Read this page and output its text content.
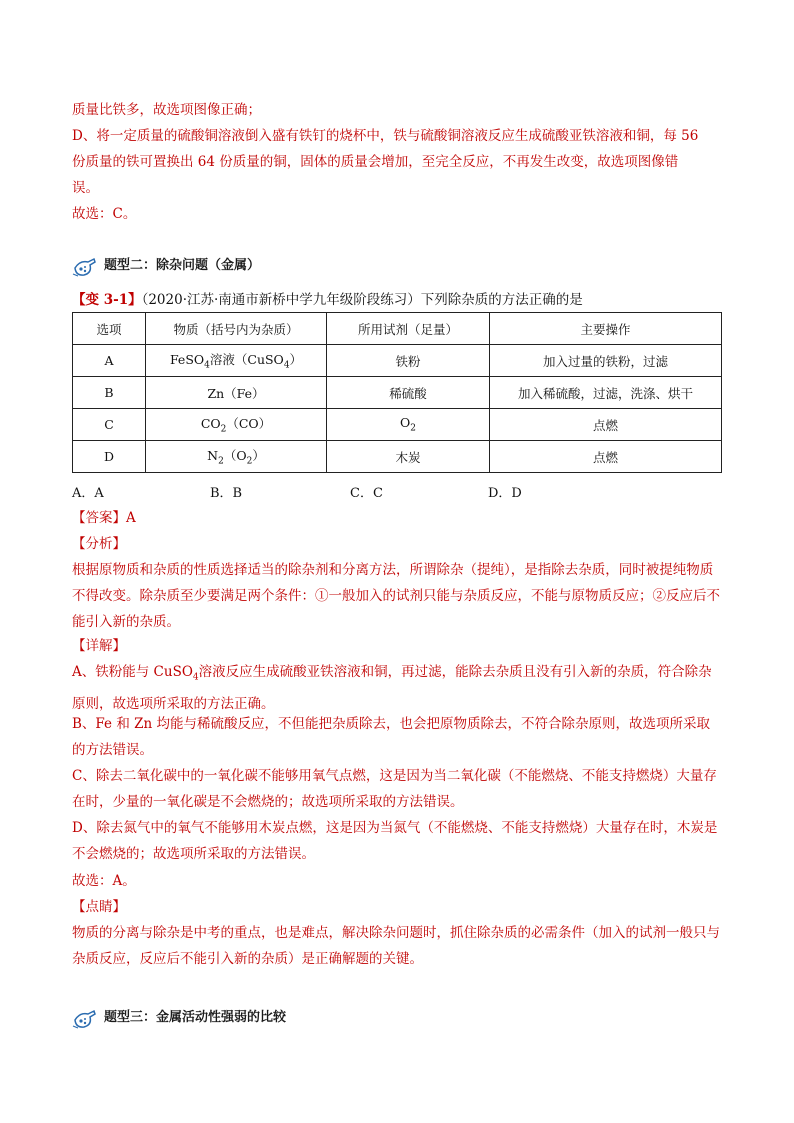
质量比铁多，故选项图像正确；
D、将一定质量的硫酸铜溶液倒入盛有铁钉的烧杯中，铁与硫酸铜溶液反应生成硫酸亚铁溶液和铜，每 56
份质量的铁可置换出 64 份质量的铜，固体的质量会增加，至完全反应，不再发生改变，故选项图像错
误。
故选：C。
题型二：除杂问题（金属）
【变 3-1】（2020·江苏·南通市新桥中学九年级阶段练习）下列除杂质的方法正确的是
选项	物质（括号内为杂质）	所用试剂（足量）	主要操作
A	FeSO$_4$溶液（CuSO$_4$）	铁粉	加入过量的铁粉，过滤
B	Zn（Fe）	稀硫酸	加入稀硫酸，过滤，洗涤、烘干
C	$CO_2(CO)$	$O_2$	点燃
D	$N_2(O_2)$	木炭	点燃
A．A	B．B	C．C	D．D
【答案】A
【分析】
根据原物质和杂质的性质选择适当的除杂剂和分离方法，所谓除杂（提纯），是指除去杂质，同时被提纯物质不得改变。除杂质至少要满足两个条件：①一般加入的试剂只能与杂质反应，不能与原物质反应；②反应后不能引入新的杂质。
【详解】
A、铁粉能与 CuSO$_4$溶液反应生成硫酸亚铁溶液和铜，再过滤，能除去杂质且没有引入新的杂质，符合除杂原则，故选项所采取的方法正确。
B、Fe 和 Zn 均能与稀硫酸反应，不但能把杂质除去，也会把原物质除去，不符合除杂原则，故选项所采取的方法错误。
C、除去二氧化碳中的一氧化碳不能够用氧气点燃，这是因为当二氧化碳（不能燃烧、不能支持燃烧）大量存在时，少量的一氧化碳是不会燃烧的；故选项所采取的方法错误。
D、除去氮气中的氧气不能够用木炭点燃，这是因为当氮气（不能燃烧、不能支持燃烧）大量存在时，木炭是不会燃烧的；故选项所采取的方法错误。
故选：A。
【点睛】
物质的分离与除杂是中考的重点，也是难点，解决除杂问题时，抓住除杂质的必需条件（加入的试剂一般只与杂质反应，反应后不能引入新的杂质）是正确解题的关键。
题型三：金属活动性强弱的比较
